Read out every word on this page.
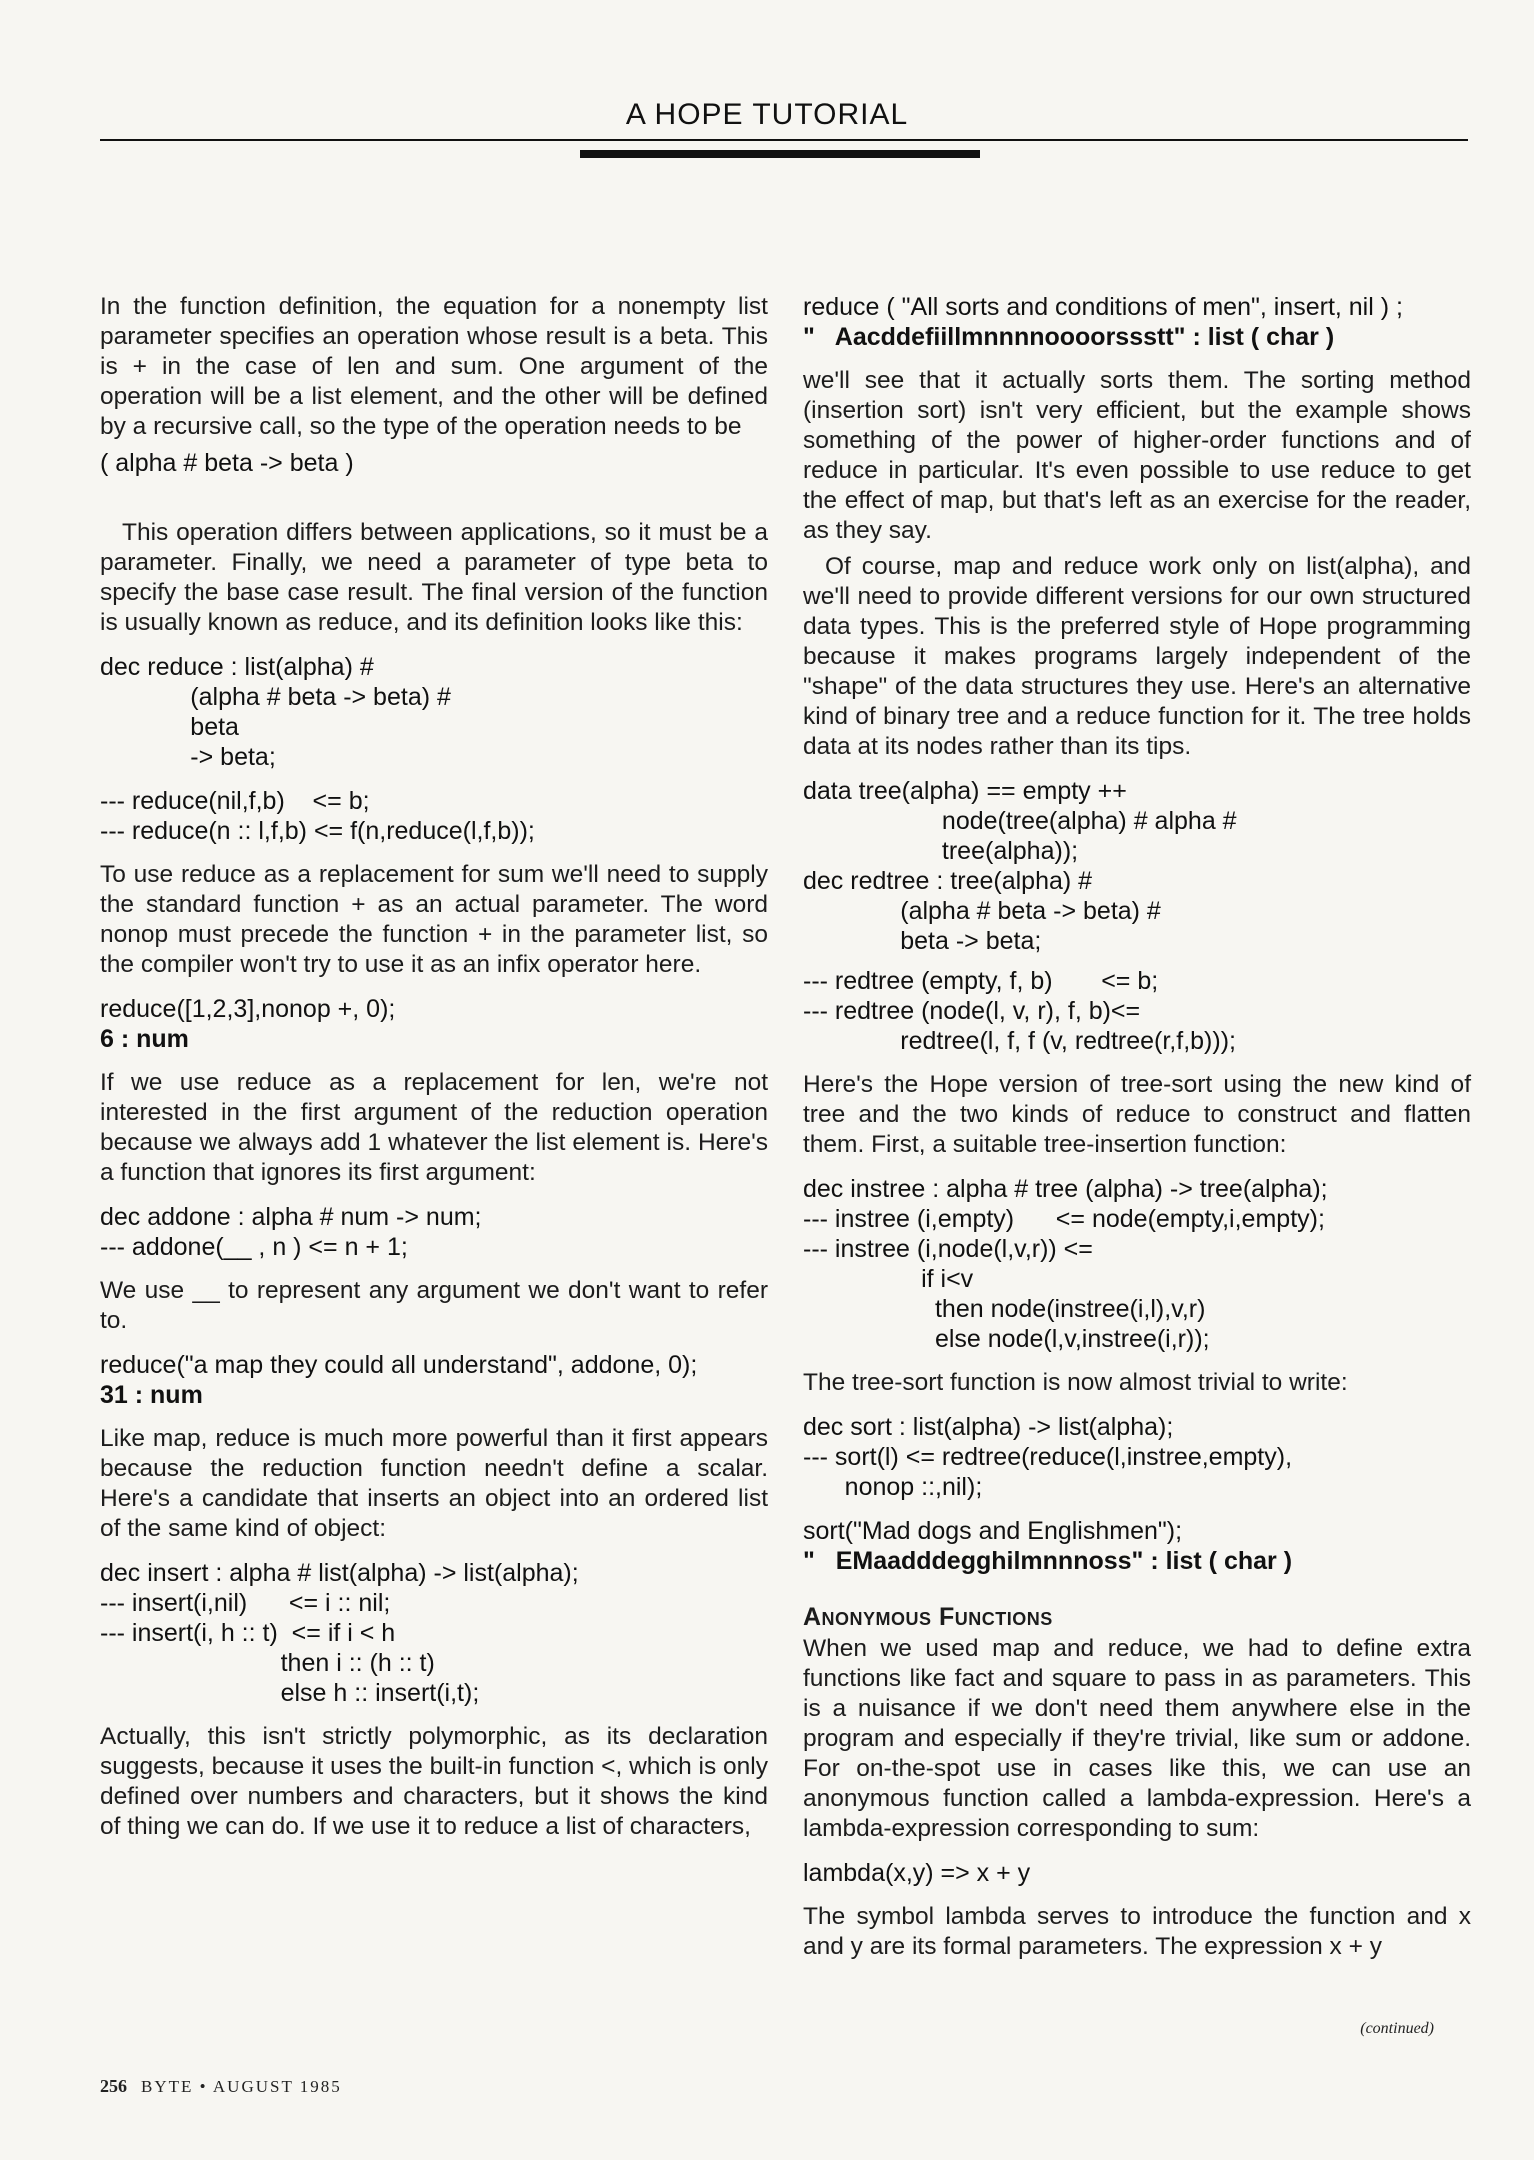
A HOPE TUTORIAL

In the function definition, the equation for a nonempty list parameter specifies an operation whose result is a beta. This is + in the case of len and sum. One argument of the operation will be a list element, and the other will be defined by a recursive call, so the type of the operation needs to be

( alpha # beta -> beta )

This operation differs between applications, so it must be a parameter. Finally, we need a parameter of type beta to specify the base case result. The final version of the function is usually known as reduce, and its definition looks like this:

dec reduce : list(alpha) #
(alpha # beta -> beta) #
beta
-> beta;
--- reduce(nil,f,b)    <= b;
--- reduce(n :: l,f,b) <= f(n,reduce(l,f,b));

To use reduce as a replacement for sum we'll need to supply the standard function + as an actual parameter. The word nonop must precede the function + in the parameter list, so the compiler won't try to use it as an infix operator here.

reduce([1,2,3],nonop +, 0);
6 : num

If we use reduce as a replacement for len, we're not interested in the first argument of the reduction operation because we always add 1 whatever the list element is. Here's a function that ignores its first argument:

dec addone : alpha # num -> num;
--- addone(__ , n ) <= n + 1;

We use __ to represent any argument we don't want to refer to.

reduce("a map they could all understand", addone, 0);
31 : num

Like map, reduce is much more powerful than it first appears because the reduction function needn't define a scalar. Here's a candidate that inserts an object into an ordered list of the same kind of object:

dec insert : alpha # list(alpha) -> list(alpha);
--- insert(i,nil)      <= i :: nil;
--- insert(i, h :: t)  <= if i < h
then i :: (h :: t)
else h :: insert(i,t);

Actually, this isn't strictly polymorphic, as its declaration suggests, because it uses the built-in function <, which is only defined over numbers and characters, but it shows the kind of thing we can do. If we use it to reduce a list of characters,

reduce ( "All sorts and conditions of men", insert, nil ) ;
"   Aacddefiillmnnnnoooorssstt" : list ( char )

we'll see that it actually sorts them. The sorting method (insertion sort) isn't very efficient, but the example shows something of the power of higher-order functions and of reduce in particular. It's even possible to use reduce to get the effect of map, but that's left as an exercise for the reader, as they say.

Of course, map and reduce work only on list(alpha), and we'll need to provide different versions for our own structured data types. This is the preferred style of Hope programming because it makes programs largely independent of the "shape" of the data structures they use. Here's an alternative kind of binary tree and a reduce function for it. The tree holds data at its nodes rather than its tips.

data tree(alpha) == empty ++
node(tree(alpha) # alpha #
tree(alpha));
dec redtree : tree(alpha) #
(alpha # beta -> beta) #
beta -> beta;
--- redtree (empty, f, b)       <= b;
--- redtree (node(l, v, r), f, b)<=
redtree(l, f, f (v, redtree(r,f,b)));

Here's the Hope version of tree-sort using the new kind of tree and the two kinds of reduce to construct and flatten them. First, a suitable tree-insertion function:

dec instree : alpha # tree (alpha) -> tree(alpha);
--- instree (i,empty)      <= node(empty,i,empty);
--- instree (i,node(l,v,r)) <=
if i<v
then node(instree(i,l),v,r)
else node(l,v,instree(i,r));

The tree-sort function is now almost trivial to write:

dec sort : list(alpha) -> list(alpha);
--- sort(l) <= redtree(reduce(l,instree,empty),
nonop ::,nil);
sort("Mad dogs and Englishmen");
"   EMaadddegghilmnnnoss" : list ( char )
Anonymous Functions

When we used map and reduce, we had to define extra functions like fact and square to pass in as parameters. This is a nuisance if we don't need them anywhere else in the program and especially if they're trivial, like sum or addone. For on-the-spot use in cases like this, we can use an anonymous function called a lambda-expression. Here's a lambda-expression corresponding to sum:

lambda(x,y) => x + y

The symbol lambda serves to introduce the function and x and y are its formal parameters. The expression x + y

(continued)
256 BYTE • AUGUST 1985
